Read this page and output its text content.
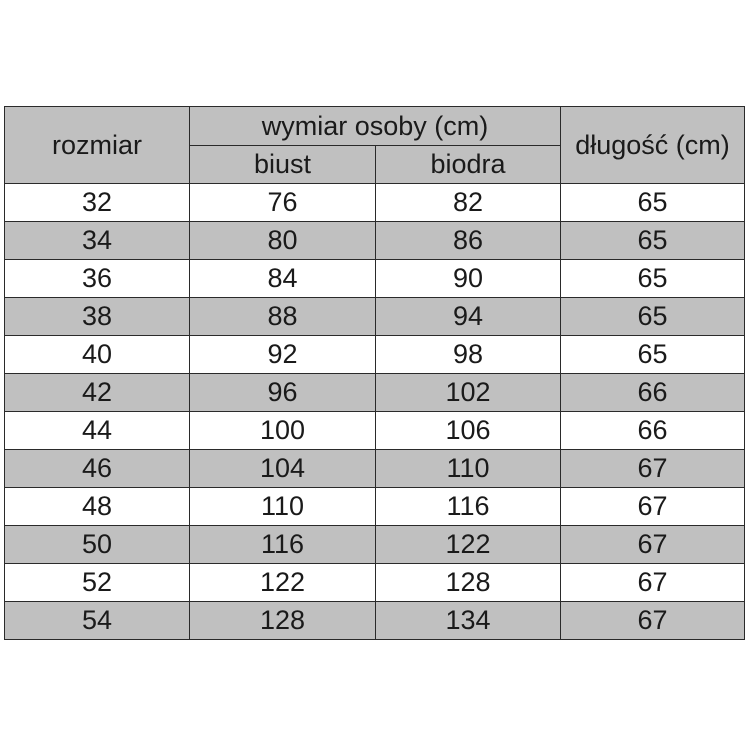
rozmiar	wymiar osoby (cm)		długość (cm)
	biust	biodra	
32	76	82	65
34	80	86	65
36	84	90	65
38	88	94	65
40	92	98	65
42	96	102	66
44	100	106	66
46	104	110	67
48	110	116	67
50	116	122	67
52	122	128	67
54	128	134	67
